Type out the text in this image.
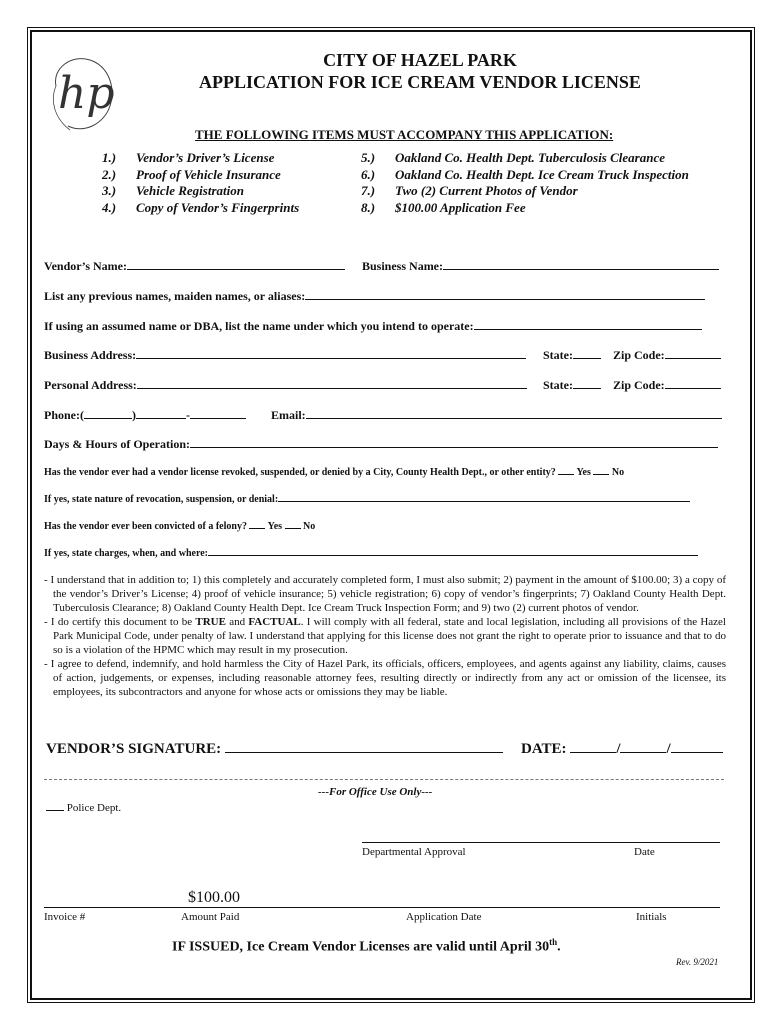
hp
CITY OF HAZEL PARK
APPLICATION FOR ICE CREAM VENDOR LICENSE
THE FOLLOWING ITEMS MUST ACCOMPANY THIS APPLICATION:
1.) Vendor’s Driver’s License
2.) Proof of Vehicle Insurance
3.) Vehicle Registration
4.) Copy of Vendor’s Fingerprints
5.) Oakland Co. Health Dept. Tuberculosis Clearance
6.) Oakland Co. Health Dept. Ice Cream Truck Inspection
7.) Two (2) Current Photos of Vendor
8.) $100.00 Application Fee
Vendor’s Name:	Business Name:
List any previous names, maiden names, or aliases:
If using an assumed name or DBA, list the name under which you intend to operate:
Business Address:	State:	Zip Code:
Personal Address:	State:	Zip Code:
Phone:(	)	-	Email:
Days & Hours of Operation:
Has the vendor ever had a vendor license revoked, suspended, or denied by a City, County Health Dept., or other entity? Yes No
If yes, state nature of revocation, suspension, or denial:
Has the vendor ever been convicted of a felony? Yes No
If yes, state charges, when, and where:

- I understand that in addition to; 1) this completely and accurately completed form, I must also submit; 2) payment in the amount of $100.00; 3) a copy of the vendor’s Driver’s License; 4) proof of vehicle insurance; 5) vehicle registration; 6) copy of vendor’s fingerprints; 7) Oakland County Health Dept. Tuberculosis Clearance; 8) Oakland County Health Dept. Ice Cream Truck Inspection Form; and 9) two (2) current photos of vendor.

- I do certify this document to be TRUE and FACTUAL. I will comply with all federal, state and local legislation, including all provisions of the Hazel Park Municipal Code, under penalty of law. I understand that applying for this license does not grant the right to operate prior to issuance and that to do so is a violation of the HPMC which may result in my prosecution.

- I agree to defend, indemnify, and hold harmless the City of Hazel Park, its officials, officers, employees, and agents against any liability, claims, causes of action, judgements, or expenses, including reasonable attorney fees, resulting directly or indirectly from any act or omission of the licensee, its employees, its subcontractors and anyone for whose acts or omissions they may be liable.

VENDOR’S SIGNATURE:	DATE:	/	/
---For Office Use Only---
Police Dept.
Departmental Approval	Date
$100.00
Invoice #	Amount Paid	Application Date	Initials
IF ISSUED, Ice Cream Vendor Licenses are valid until April 30th.
Rev. 9/2021
